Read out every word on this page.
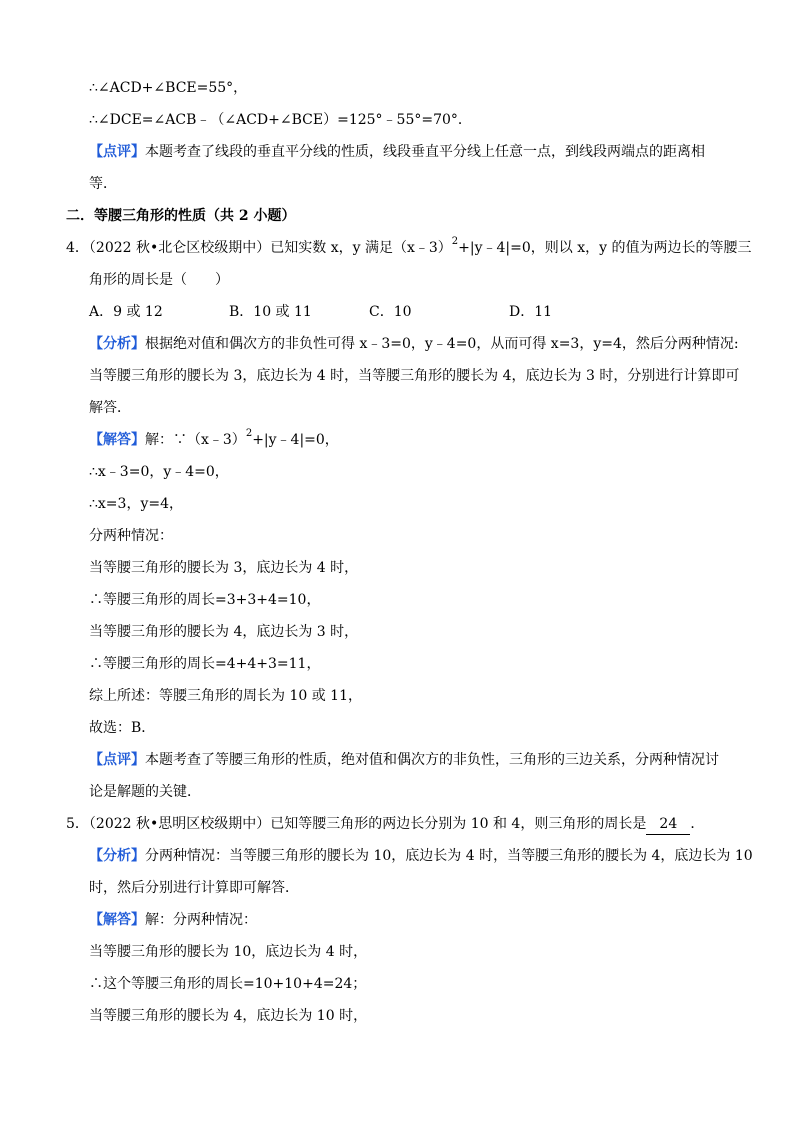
∴∠ACD+∠BCE=55°，
∴∠DCE=∠ACB﹣（∠ACD+∠BCE）=125°﹣55°=70°．
【点评】本题考查了线段的垂直平分线的性质，线段垂直平分线上任意一点，到线段两端点的距离相
等．
二．等腰三角形的性质（共 2 小题）
4．（2022 秋•北仑区校级期中）已知实数 x，y 满足（x﹣3）$^2$+|y﹣4|=0，则以 x，y 的值为两边长的等腰三
角形的周长是（　　）
A．9 或 12	B．10 或 11	C．10	D．11
【分析】根据绝对值和偶次方的非负性可得 x﹣3=0，y﹣4=0，从而可得 x=3，y=4，然后分两种情况:
当等腰三角形的腰长为 3，底边长为 4 时，当等腰三角形的腰长为 4，底边长为 3 时，分别进行计算即可
解答．
【解答】解：∵（x﹣3）$^2$+|y﹣4|=0，
∴x﹣3=0，y﹣4=0，
∴x=3，y=4，
分两种情况：
当等腰三角形的腰长为 3，底边长为 4 时，
∴等腰三角形的周长=3+3+4=10，
当等腰三角形的腰长为 4，底边长为 3 时，
∴等腰三角形的周长=4+4+3=11，
综上所述：等腰三角形的周长为 10 或 11，
故选：B．
【点评】本题考查了等腰三角形的性质，绝对值和偶次方的非负性，三角形的三边关系，分两种情况讨
论是解题的关键．
5．（2022 秋•思明区校级期中）已知等腰三角形的两边长分别为 10 和 4，则三角形的周长是 24 ．
【分析】分两种情况：当等腰三角形的腰长为 10，底边长为 4 时，当等腰三角形的腰长为 4，底边长为 10
时，然后分别进行计算即可解答．
【解答】解：分两种情况：
当等腰三角形的腰长为 10，底边长为 4 时，
∴这个等腰三角形的周长=10+10+4=24；
当等腰三角形的腰长为 4，底边长为 10 时，
